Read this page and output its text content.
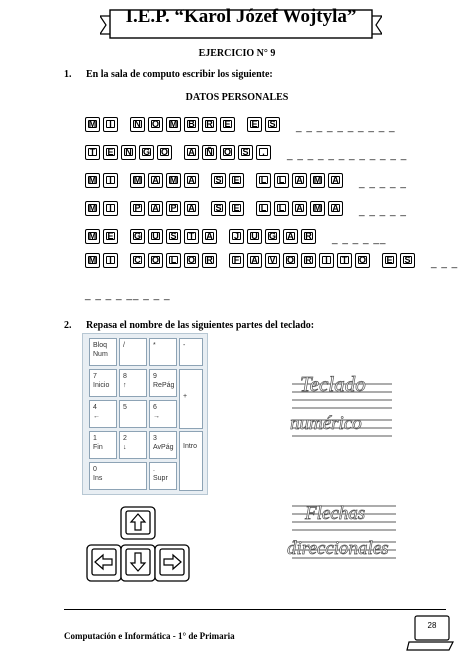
I.E.P. “Karol Józef Wojtyla”
EJERCICIO N° 9
1. En la sala de computo escribir los siguiente:
DATOS PERSONALES
M	I	N	O	M	B	R	E	E	S	_ _ _ _ _ _ _ _ _ _
T	E	N	G	O	A	Ñ	O	S	.	_ _ _ _ _ _ _ _ _ _ _ _
M	I	M	A	M	A	S	E	L	L	A	M	A	_ _ _ _ _
M	I	P	A	P	A	S	E	L	L	A	M	A	_ _ _ _ _
M	E	G	U	S	T	A	J	U	G	A	R	_ _ _ _ __
M	I	C	O	L	O	R	F	A	V	O	R	I	T	O	E	S	_ _ _
_ _ _ _ __ _ _ _
2. Repasa el nombre de las siguientes partes del teclado:
Bloq
Num
/	*	-
7
Inicio
8
↑
9
RePág
+
4
←
5	6
→
1
Fin
2
↓
3
AvPág	Intro
0
Ins
.
Supr
Teclado
numérico
Flechas
direccionales
Computación e Informática - 1° de Primaria
28
